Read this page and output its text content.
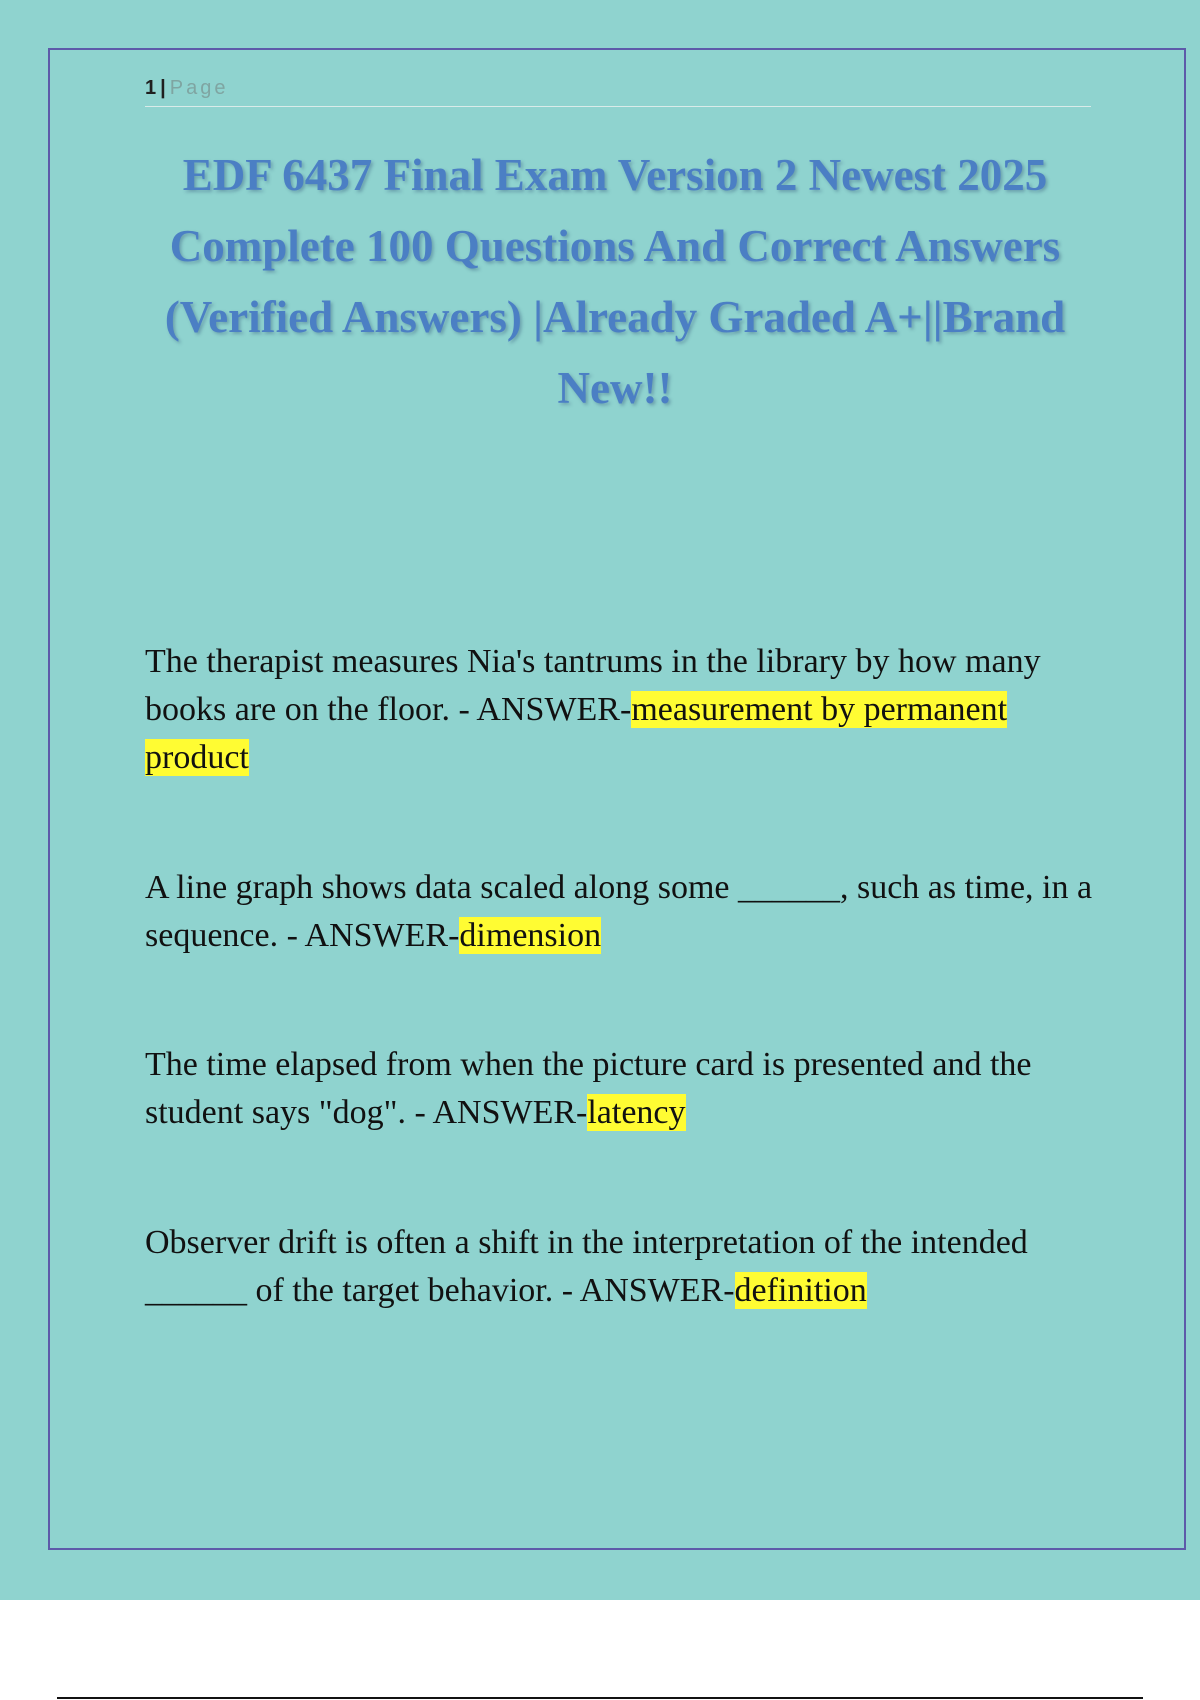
1 | Page
EDF 6437 Final Exam Version 2 Newest 2025 Complete 100 Questions And Correct Answers (Verified Answers) |Already Graded A+||Brand New!!

The therapist measures Nia's tantrums in the library by how many books are on the floor. - ANSWER-measurement by permanent product

A line graph shows data scaled along some ______, such as time, in a sequence. - ANSWER-dimension

The time elapsed from when the picture card is presented and the student says "dog". - ANSWER-latency

Observer drift is often a shift in the interpretation of the intended ______ of the target behavior. - ANSWER-definition
